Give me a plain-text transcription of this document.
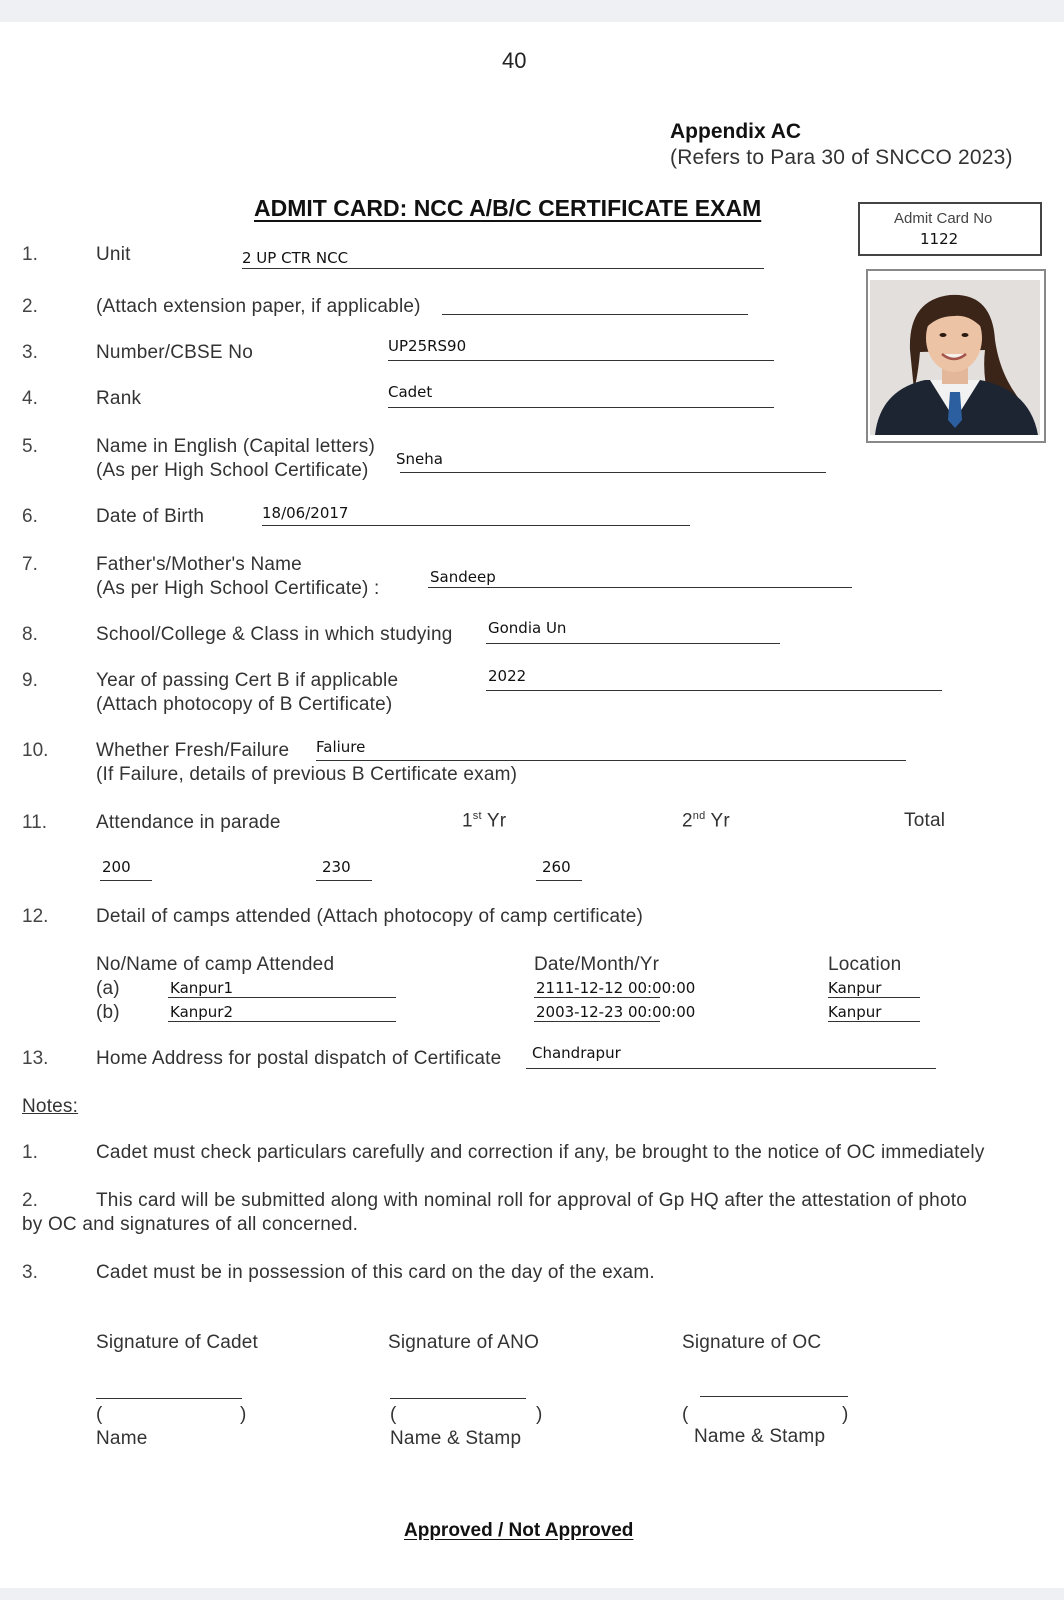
40
Appendix AC
(Refers to Para 30 of SNCCO 2023)
ADMIT CARD: NCC A/B/C CERTIFICATE EXAM	Admit Card No
1122
1.	Unit	2 UP CTR NCC
2.	(Attach extension paper, if applicable)
3.	Number/CBSE No	UP25RS90
4.	Rank	Cadet
5.	Name in English (Capital letters)
(As per High School Certificate)
Sneha
6.	Date of Birth	18/06/2017
7.	Father's/Mother's Name
(As per High School Certificate) :
Sandeep
8.	School/College & Class in which studying Gondia Un
9.	Year of passing Cert B if applicable
(Attach photocopy of B Certificate)
2022
10.	Whether Fresh/Failure
(If Failure, details of previous B Certificate exam)
Faliure
11.	Attendance in parade	1st Yr	2nd Yr	Total
200	230	260
12.	Detail of camps attended (Attach photocopy of camp certificate)
No/Name of camp Attended	Date/Month/Yr	Location
(a)	Kanpur1	2111-12-12 00:00:00	Kanpur
(b)	Kanpur2	2003-12-23 00:00:00	Kanpur
13.	Home Address for postal dispatch of Certificate Chandrapur
Notes:
1.	Cadet must check particulars carefully and correction if any, be brought to the notice of OC immediately
2.	This card will be submitted along with nominal roll for approval of Gp HQ after the attestation of photo
by OC and signatures of all concerned.
3.	Cadet must be in possession of this card on the day of the exam.
Signature of Cadet
(	)
Name
Signature of ANO
(	)
Name & Stamp
Signature of OC
(	)
Name & Stamp
Approved / Not Approved
